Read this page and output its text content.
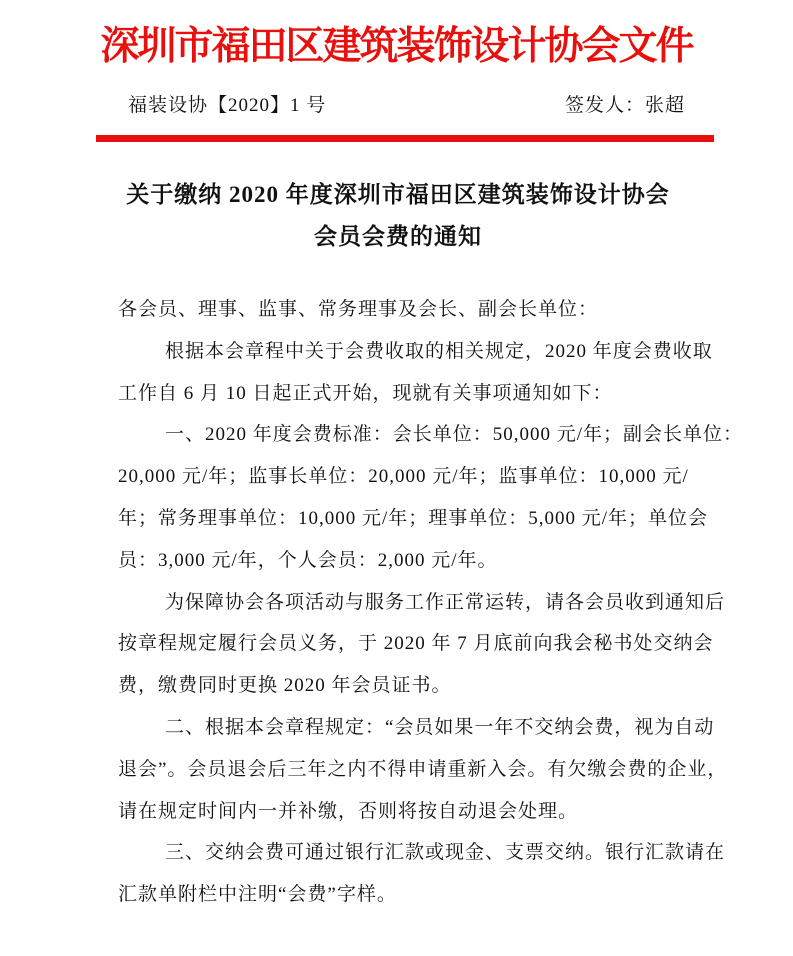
深圳市福田区建筑装饰设计协会文件
福装设协【2020】1 号	签发人：张超
关于缴纳 2020 年度深圳市福田区建筑装饰设计协会
会员会费的通知
各会员、理事、监事、常务理事及会长、副会长单位：
根据本会章程中关于会费收取的相关规定，2020 年度会费收取
工作自 6 月 10 日起正式开始，现就有关事项通知如下：
一、2020 年度会费标准：会长单位：50,000 元/年；副会长单位：
20,000 元/年；监事长单位：20,000 元/年；监事单位：10,000 元/
年；常务理事单位：10,000 元/年；理事单位：5,000 元/年；单位会
员：3,000 元/年，个人会员：2,000 元/年。
为保障协会各项活动与服务工作正常运转，请各会员收到通知后
按章程规定履行会员义务，于 2020 年 7 月底前向我会秘书处交纳会
费，缴费同时更换 2020 年会员证书。
二、根据本会章程规定：“会员如果一年不交纳会费，视为自动
退会”。会员退会后三年之内不得申请重新入会。有欠缴会费的企业，
请在规定时间内一并补缴，否则将按自动退会处理。
三、交纳会费可通过银行汇款或现金、支票交纳。银行汇款请在
汇款单附栏中注明“会费”字样。
